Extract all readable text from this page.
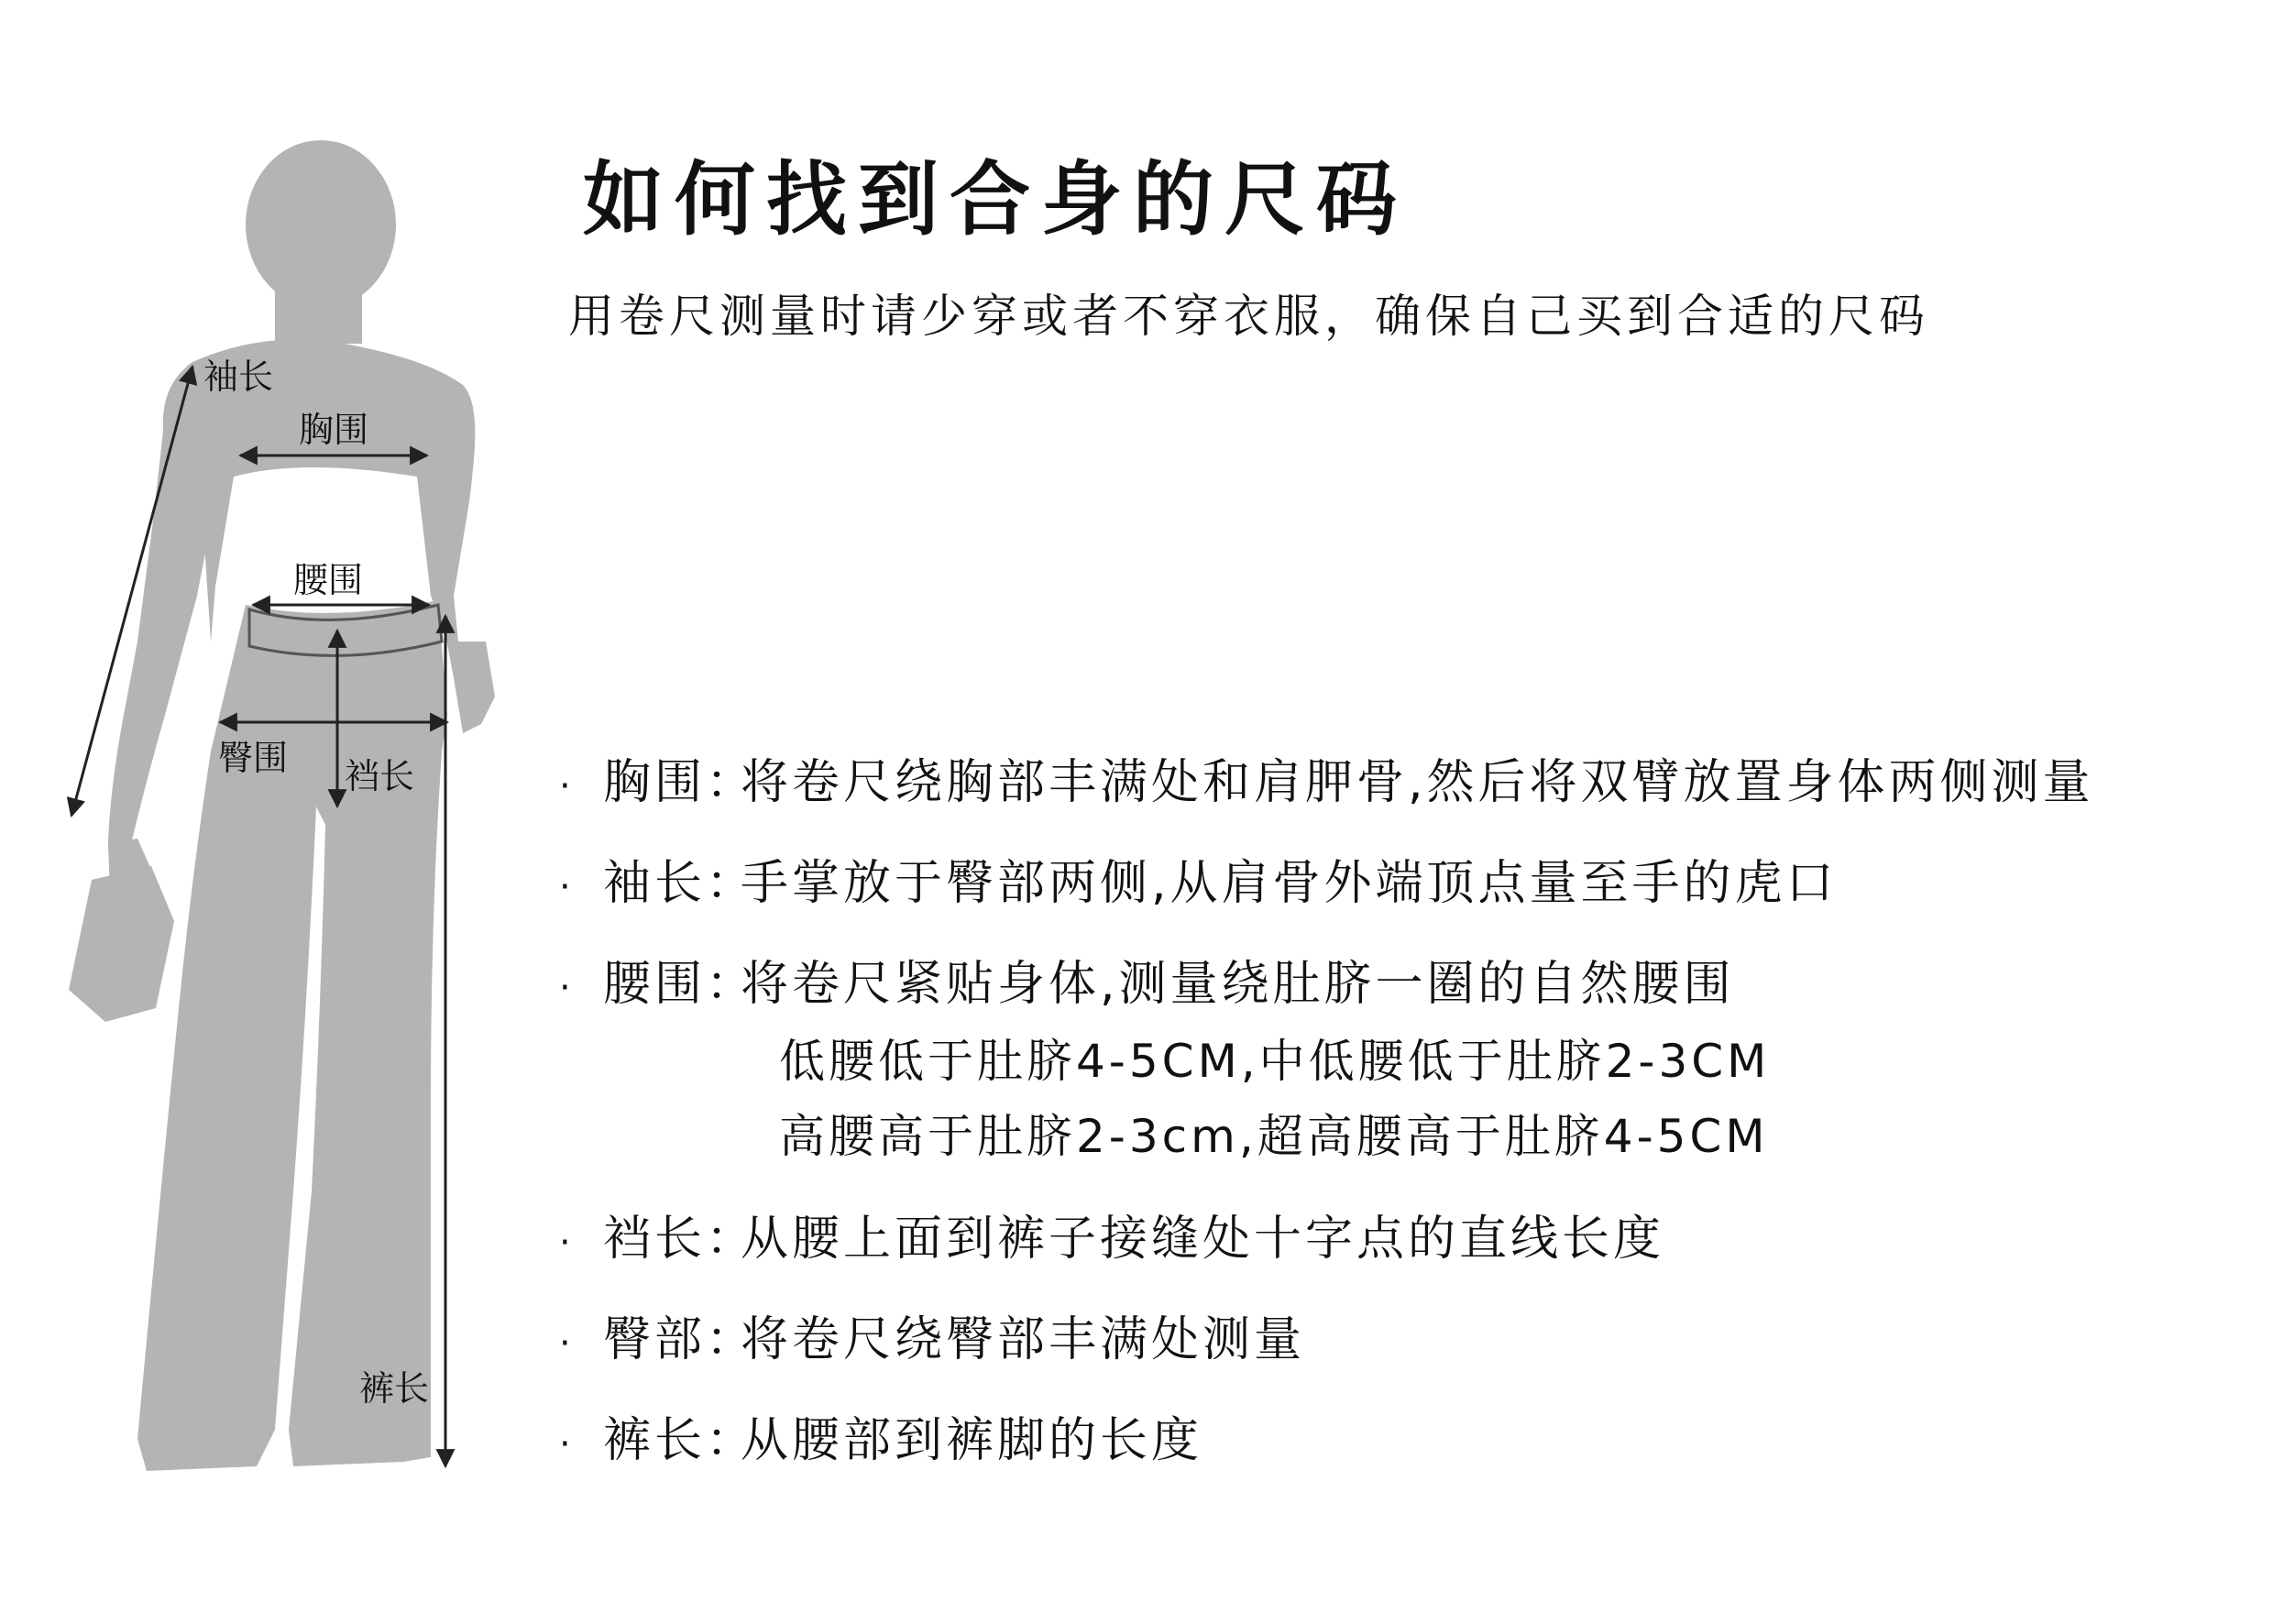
袖长
胸围
腰围
臀围 裆长
裤长
如何找到合身的尺码
用卷尺测量时请少穿或者不穿衣服，确保自己买到合适的尺码
· 胸围：将卷尺绕胸部丰满处和肩胛骨,然后将双臂放置身体两侧测量
· 袖长：手掌放于臀部两侧,从肩骨外端顶点量至手的虎口
· 腰围：将卷尺紧贴身体,测量绕肚脐一圈的自然腰围
低腰低于肚脐4-5CM,中低腰低于肚脐2-3CM
高腰高于肚脐2-3cm,超高腰高于肚脐4-5CM
· 裆长：从腰上面到裤子接缝处十字点的直线长度
· 臀部：将卷尺绕臀部丰满处测量
· 裤长：从腰部到裤脚的长度
